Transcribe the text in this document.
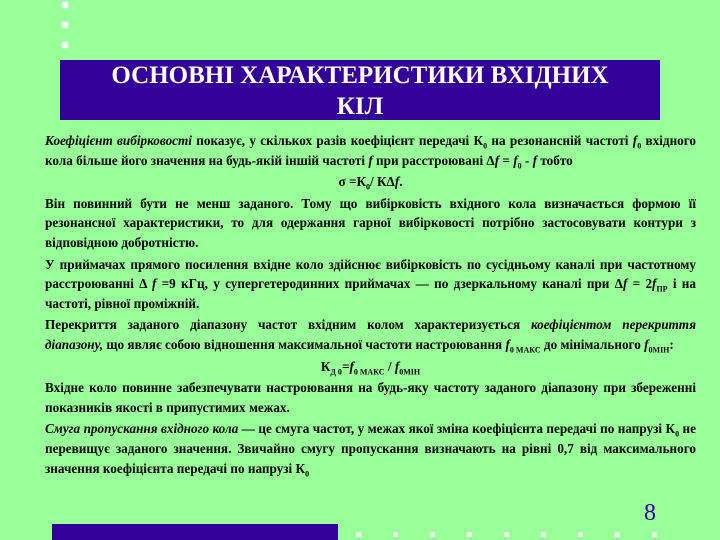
ОСНОВНІ ХАРАКТЕРИСТИКИ ВХІДНИХ
КІЛ

Коефіцієнт вибірковості показує, у скількох разів коефіцієнт передачі $К_0$ на резонансній частоті $f_0$ вхідного кола більше його значення на будь-якій іншій частоті f при расстроювані $\Delta f = f_0 - f$ тобто

$\sigma =К_0/$ КΔf.

Він повинний бути не менш заданого. Тому що вибірковість вхідного кола визначається формою її резонансної характеристики, то для одержання гарної вибірковості потрібно застосовувати контури з відповідною добротністю.

У приймачах прямого посилення вхідне коло здійснює вибірковість по сусідньому каналі при частотному расстроюванні Δ f =9 кГц, у супергетеродинних приймачах — по дзеркальному каналі при $\Delta f = 2f_{ПР}$ і на частоті, рівної проміжній.

Перекриття заданого діапазону частот вхідним колом характеризується коефіцієнтом перекриття діапазону, що являє собою відношення максимальної частоти настроювання $f_{0 МАКС}$ до мінімального $f_{0МІН}$:

$К_{Д 0}=f_{0 МАКС} / f_{0МІН}$

Вхідне коло повинне забезпечувати настроювання на будь-яку частоту заданого діапазону при збереженні показників якості в припустимих межах.

Смуга пропускання вхідного кола — це смуга частот, у межах якої зміна коефіцієнта передачі по напрузі $К_0$ не перевищує заданого значення. Звичайно смугу пропускання визначають на рівні 0,7 від максимального значення коефіцієнта передачі по напрузі $К_0$

8
